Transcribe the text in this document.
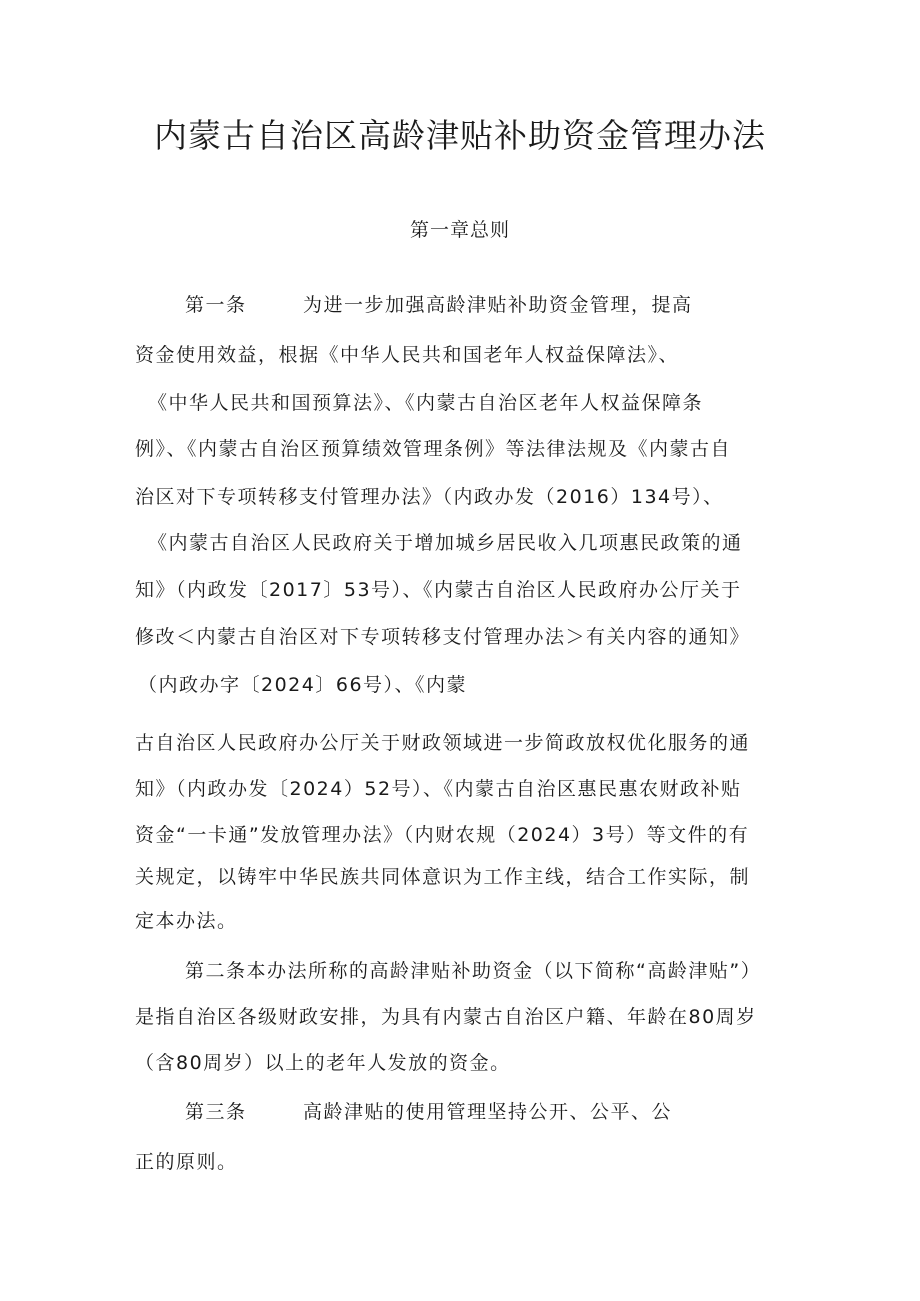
内蒙古自治区高龄津贴补助资金管理办法
第一章总则
第一条	为进一步加强高龄津贴补助资金管理，提高
资金使用效益，根据《中华人民共和国老年人权益保障法》、
《中华人民共和国预算法》、《内蒙古自治区老年人权益保障条
例》、《内蒙古自治区预算绩效管理条例》等法律法规及《内蒙古自
治区对下专项转移支付管理办法》（内政办发（2016）134号）、
《内蒙古自治区人民政府关于增加城乡居民收入几项惠民政策的通
知》（内政发〔2017〕53号）、《内蒙古自治区人民政府办公厅关于
修改＜内蒙古自治区对下专项转移支付管理办法＞有关内容的通知》
（内政办字〔2024〕66号）、《内蒙
古自治区人民政府办公厅关于财政领域进一步简政放权优化服务的通
知》（内政办发〔2024）52号）、《内蒙古自治区惠民惠农财政补贴
资金“一卡通”发放管理办法》（内财农规（2024）3号）等文件的有
关规定，以铸牢中华民族共同体意识为工作主线，结合工作实际，制
定本办法。
第二条本办法所称的高龄津贴补助资金（以下简称“高龄津贴”）
是指自治区各级财政安排，为具有内蒙古自治区户籍、年龄在80周岁
（含80周岁）以上的老年人发放的资金。
第三条	高龄津贴的使用管理坚持公开、公平、公
正的原则。
